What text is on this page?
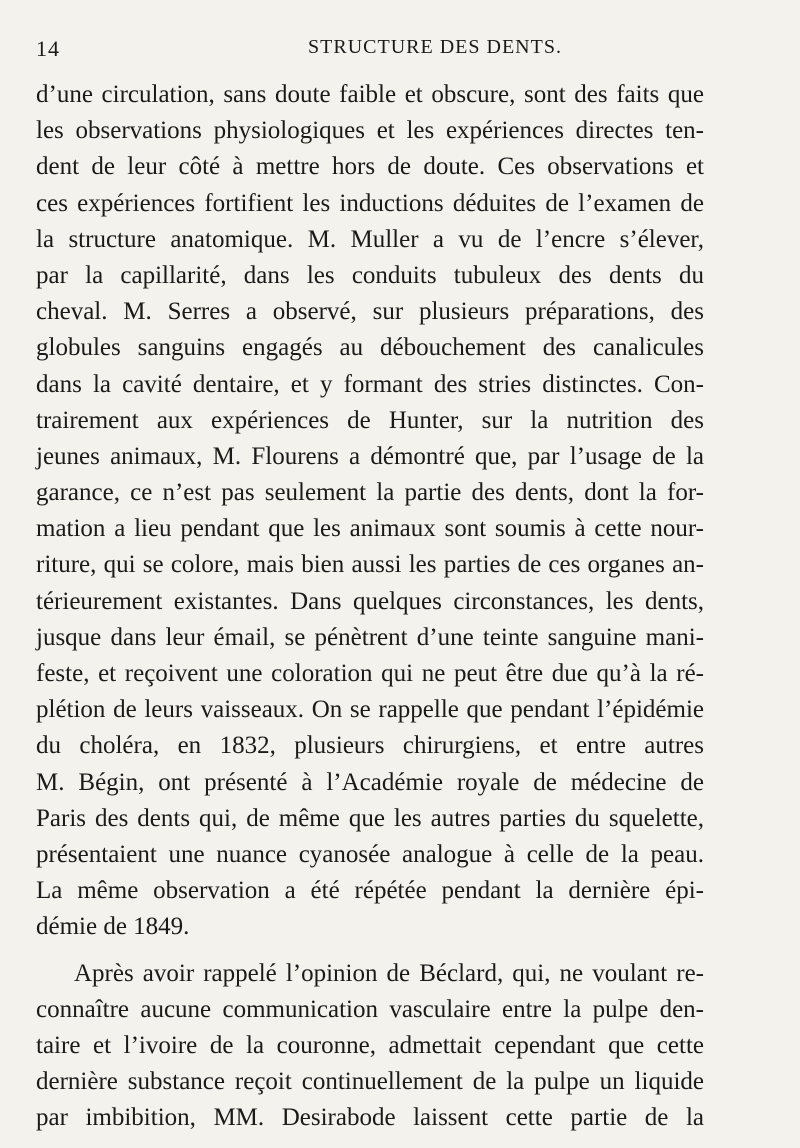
14	STRUCTURE DES DENTS.
d’une circulation, sans doute faible et obscure, sont des faits que
les observations physiologiques et les expériences directes ten-
dent de leur côté à mettre hors de doute. Ces observations et
ces expériences fortifient les inductions déduites de l’examen de
la structure anatomique. M. Muller a vu de l’encre s’élever,
par la capillarité, dans les conduits tubuleux des dents du
cheval. M. Serres a observé, sur plusieurs préparations, des
globules sanguins engagés au débouchement des canalicules
dans la cavité dentaire, et y formant des stries distinctes. Con-
trairement aux expériences de Hunter, sur la nutrition des
jeunes animaux, M. Flourens a démontré que, par l’usage de la
garance, ce n’est pas seulement la partie des dents, dont la for-
mation a lieu pendant que les animaux sont soumis à cette nour-
riture, qui se colore, mais bien aussi les parties de ces organes an-
térieurement existantes. Dans quelques circonstances, les dents,
jusque dans leur émail, se pénètrent d’une teinte sanguine mani-
feste, et reçoivent une coloration qui ne peut être due qu’à la ré-
plétion de leurs vaisseaux. On se rappelle que pendant l’épidémie
du choléra, en 1832, plusieurs chirurgiens, et entre autres
M. Bégin, ont présenté à l’Académie royale de médecine de
Paris des dents qui, de même que les autres parties du squelette,
présentaient une nuance cyanosée analogue à celle de la peau.
La même observation a été répétée pendant la dernière épi-
démie de 1849.
Après avoir rappelé l’opinion de Béclard, qui, ne voulant re-
connaître aucune communication vasculaire entre la pulpe den-
taire et l’ivoire de la couronne, admettait cependant que cette
dernière substance reçoit continuellement de la pulpe un liquide
par imbibition, MM. Desirabode laissent cette partie de la
